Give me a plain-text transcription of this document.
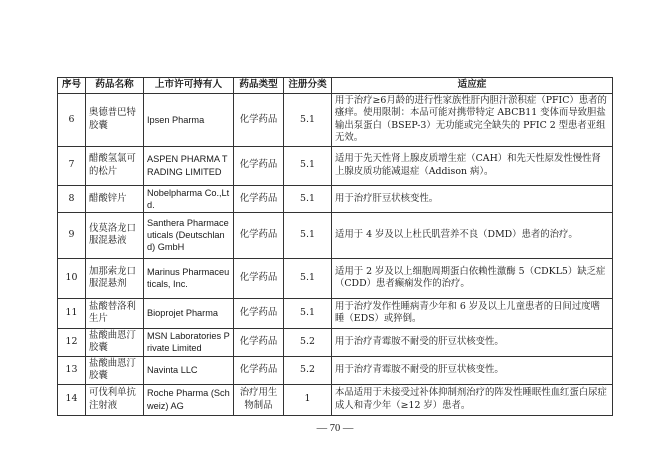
序号	药品名称	上市许可持有人	药品类型	注册分类	适应症
6	奥德普巴特胶囊	Ipsen Pharma	化学药品	5.1	用于治疗≥6月龄的进行性家族性肝内胆汁淤积症（PFIC）患者的瘙痒。使用限制：本品可能对携带特定 ABCB11 变体而导致胆盐输出泵蛋白（BSEP-3）无功能或完全缺失的 PFIC 2 型患者亚组无效。
7	醋酸氢氯可的松片	ASPEN PHARMA TRADING LIMITED	化学药品	5.1	适用于先天性肾上腺皮质增生症（CAH）和先天性原发性慢性肾上腺皮质功能减退症（Addison 病）。
8	醋酸锌片	Nobelpharma Co.,Ltd.	化学药品	5.1	用于治疗肝豆状核变性。
9	伐莫洛龙口服混悬液	Santhera Pharmaceuticals (Deutschland) GmbH	化学药品	5.1	适用于 4 岁及以上杜氏肌营养不良（DMD）患者的治疗。
10	加那索龙口服混悬剂	Marinus Pharmaceuticals, Inc.	化学药品	5.1	适用于 2 岁及以上细胞周期蛋白依赖性激酶 5（CDKL5）缺乏症（CDD）患者癫痫发作的治疗。
11	盐酸替洛利生片	Bioprojet Pharma	化学药品	5.1	用于治疗发作性睡病青少年和 6 岁及以上儿童患者的日间过度嗜睡（EDS）或猝倒。
12	盐酸曲恩汀胶囊	MSN Laboratories Private Limited	化学药品	5.2	用于治疗青霉胺不耐受的肝豆状核变性。
13	盐酸曲恩汀胶囊	Navinta LLC	化学药品	5.2	用于治疗青霉胺不耐受的肝豆状核变性。
14	可伐利单抗注射液	Roche Pharma (Schweiz) AG	治疗用生物制品	1	本品适用于未接受过补体抑制剂治疗的阵发性睡眠性血红蛋白尿症成人和青少年（≥12 岁）患者。
— 70 —
